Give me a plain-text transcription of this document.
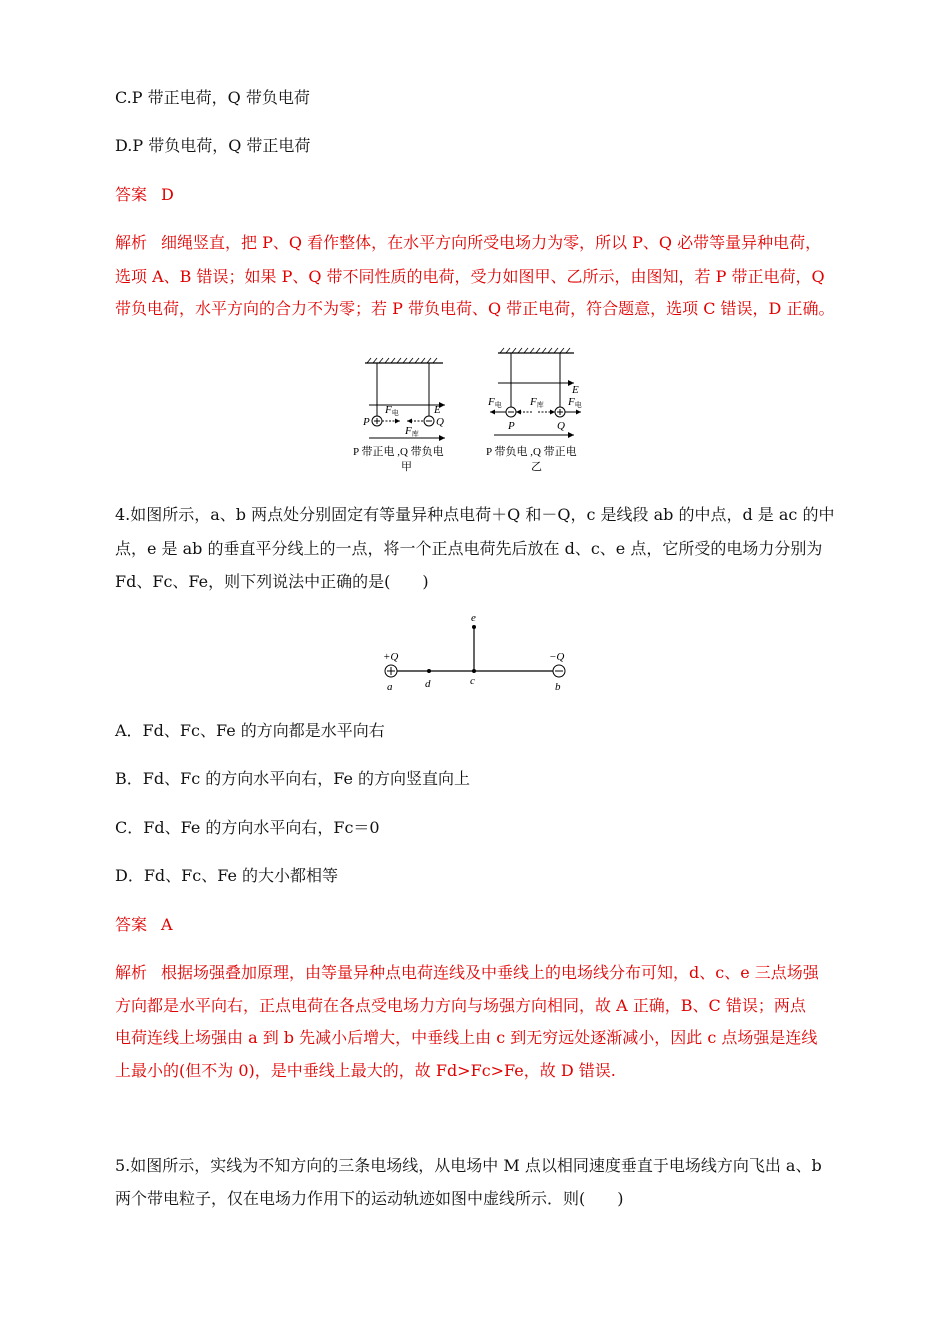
C.P 带正电荷，Q 带负电荷
D.P 带负电荷，Q 带正电荷
答案 D
解析 细绳竖直，把 P、Q 看作整体，在水平方向所受电场力为零，所以 P、Q 必带等量异种电荷，
选项 A、B 错误；如果 P、Q 带不同性质的电荷，受力如图甲、乙所示，由图知，若 P 带正电荷，Q
带负电荷，水平方向的合力不为零；若 P 带负电荷、Q 带正电荷，符合题意，选项 C 错误，D 正确。
E
F电
P	Q
F库
P 带正电 ,Q 带负电
甲
E
F电	F库 F电
P	Q
P 带负电 ,Q 带正电
乙
4.如图所示，a、b 两点处分别固定有等量异种点电荷＋Q 和－Q，c 是线段 ab 的中点，d 是 ac 的中
点，e 是 ab 的垂直平分线上的一点，将一个正点电荷先后放在 d、c、e 点，它所受的电场力分别为
Fd、Fc、Fe，则下列说法中正确的是(　　)
e
+Q	−Q
a	d	c	b
A．Fd、Fc、Fe 的方向都是水平向右
B．Fd、Fc 的方向水平向右，Fe 的方向竖直向上
C．Fd、Fe 的方向水平向右，Fc＝0
D．Fd、Fc、Fe 的大小都相等
答案 A
解析 根据场强叠加原理，由等量异种点电荷连线及中垂线上的电场线分布可知，d、c、e 三点场强
方向都是水平向右，正点电荷在各点受电场力方向与场强方向相同，故 A 正确，B、C 错误；两点
电荷连线上场强由 a 到 b 先减小后增大，中垂线上由 c 到无穷远处逐渐减小，因此 c 点场强是连线
上最小的(但不为 0)，是中垂线上最大的，故 Fd>Fc>Fe，故 D 错误.
5.如图所示，实线为不知方向的三条电场线，从电场中 M 点以相同速度垂直于电场线方向飞出 a、b
两个带电粒子，仅在电场力作用下的运动轨迹如图中虚线所示．则(　　)
